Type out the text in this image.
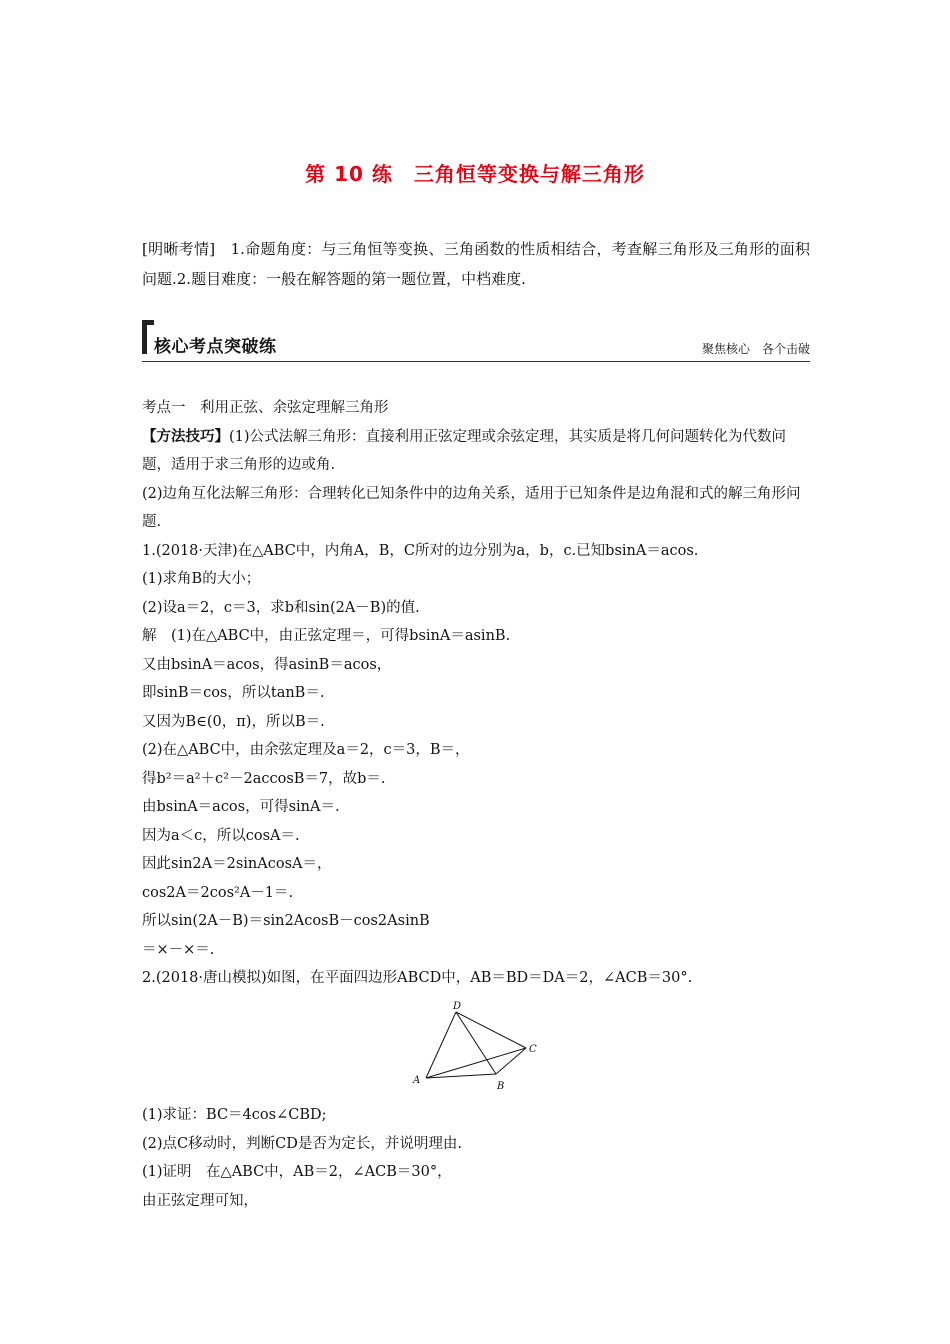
第 10 练　三角恒等变换与解三角形
[明晰考情]　1.命题角度：与三角恒等变换、三角函数的性质相结合，考查解三角形及三角形的面积问题.2.题目难度：一般在解答题的第一题位置，中档难度.
核心考点突破练	聚焦核心　各个击破

考点一　利用正弦、余弦定理解三角形

【方法技巧】(1)公式法解三角形：直接利用正弦定理或余弦定理，其实质是将几何问题转化为代数问题，适用于求三角形的边或角.

(2)边角互化法解三角形：合理转化已知条件中的边角关系，适用于已知条件是边角混和式的解三角形问题.

1.(2018·天津)在△ABC中，内角A，B，C所对的边分别为a，b，c.已知bsinA＝acos.

(1)求角B的大小；

(2)设a＝2，c＝3，求b和sin(2A－B)的值.

解　(1)在△ABC中，由正弦定理＝，可得bsinA＝asinB.

又由bsinA＝acos，得asinB＝acos，

即sinB＝cos，所以tanB＝.

又因为B∈(0，π)，所以B＝.

(2)在△ABC中，由余弦定理及a＝2，c＝3，B＝，

得b²＝a²＋c²－2accosB＝7，故b＝.

由bsinA＝acos，可得sinA＝.

因为a＜c，所以cosA＝.

因此sin2A＝2sinAcosA＝，

cos2A＝2cos²A－1＝.

所以sin(2A－B)＝sin2AcosB－cos2AsinB

＝×－×＝.

2.(2018·唐山模拟)如图，在平面四边形ABCD中，AB＝BD＝DA＝2，∠ACB＝30°.

A
B
C
D

(1)求证：BC＝4cos∠CBD;

(2)点C移动时，判断CD是否为定长，并说明理由.

(1)证明　在△ABC中，AB＝2，∠ACB＝30°，

由正弦定理可知，
